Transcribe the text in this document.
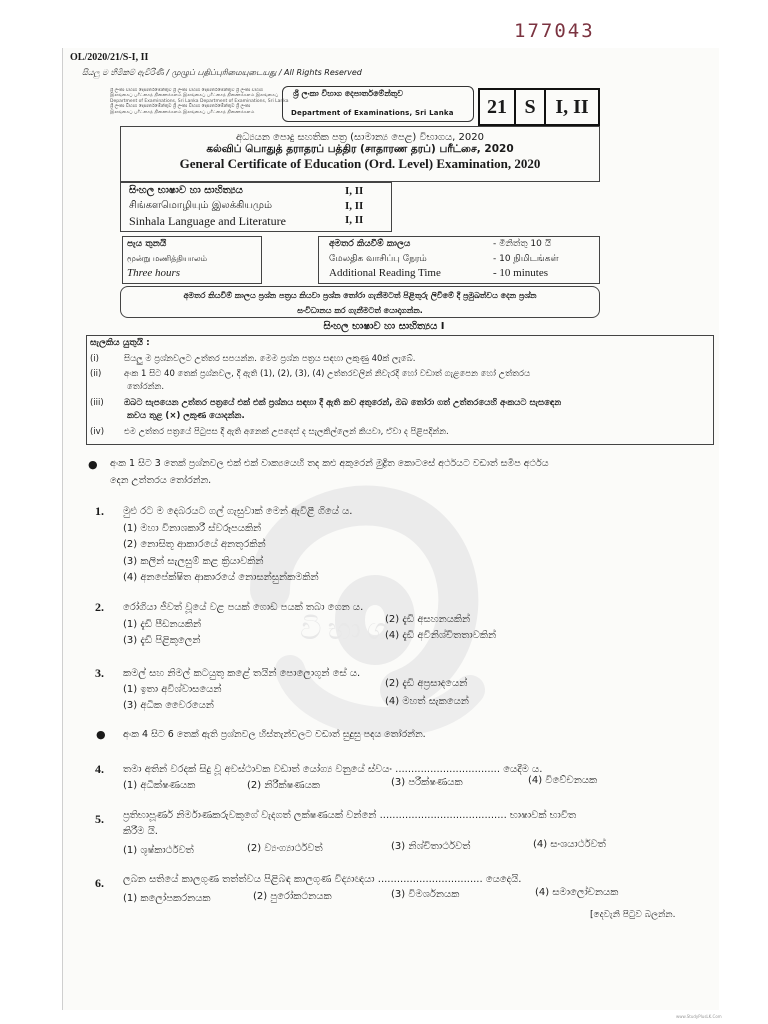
177043
OL/2020/21/S-I, II
සියලු ම හිමිකම් ඇවිරිණි / முழுப் பதிப்புரிமையுடையது / All Rights Reserved
ශ්‍රී ලංකා විභාග දෙපාර්තමේන්තුව ශ්‍රී ලංකා විභාග දෙපාර්තමේන්තුව ශ්‍රී ලංකා විභාග
இலங்கைப் பரீட்சைத் திணைக்களம் இலங்கைப் பரீட்சைத் திணைக்களம் இலங்கைப்
Department of Examinations, Sri Lanka Department of Examinations, Sri Lanka
ශ්‍රී ලංකා විභාග දෙපාර්තමේන්තුව ශ්‍රී ලංකා විභාග දෙපාර්තමේන්තුව ශ්‍රී ලංකා
இலங்கைப் பரீட்சைத் திணைக்களம் இலங்கைப் பரீட்சைத் திணைக்களம்
ශ්‍රී ලංකා විභාග දෙපාර්තමේන්තුව
Department of Examinations, Sri Lanka	21 S I, II
අධ්‍යයන පොදු සහතික පත්‍ර (සාමාන්‍ය පෙළ) විභාගය, 2020
கல்விப் பொதுத் தராதரப் பத்திர (சாதாரண தரப்) பரீட்சை, 2020
General Certificate of Education (Ord. Level) Examination, 2020
සිංහල භාෂාව හා සාහිත්‍යය	I, II
சிங்களமொழியும் இலக்கியமும்	I, II
Sinhala Language and Literature	I, II
පැය තුනයි
மூன்று மணித்தியாலம்
Three hours
අමතර කියවීම් කාලය	- මිනිත්තු 10 යි
மேலதிக வாசிப்பு நேரம்	- 10 நிமிடங்கள்
Additional Reading Time	- 10 minutes
අමතර කියවීම් කාලය ප්‍රශ්න පත්‍රය කියවා ප්‍රශ්න තෝරා ගැනීමටත් පිළිතුරු ලිවීමේ දී ප්‍රමුඛත්වය දෙන ප්‍රශ්න
සංවිධානය කර ගැනීමටත් යොදාගන්න.
සිංහල භාෂාව හා සාහිත්‍යය I
සැලකිය යුතුයි :
(i)	සියලු ම ප්‍රශ්නවලට උත්තර සපයන්න. මෙම ප්‍රශ්න පත්‍රය සඳහා ලකුණු 40ක් ලැබේ.
(ii)	අංක 1 සිට 40 තෙක් ප්‍රශ්නවල, දී ඇති (1), (2), (3), (4) උත්තරවලින් නිවැරදි හෝ වඩාත් ගැළපෙන හෝ උත්තරය
තෝරන්න.
(iii) ඔබට සැපයෙන උත්තර පත්‍රයේ එක් එක් ප්‍රශ්නය සඳහා දී ඇති කව අතුරෙන්, ඔබ තෝරා ගත් උත්තරයෙහි අංකයට සැසඳෙන
කවය තුළ (×) ලකුණ යොදන්න.
(iv) එම උත්තර පත්‍රයේ පිටුපස දී ඇති අනෙක් උපදෙස් ද සැලකිල්ලෙන් කියවා, ඒවා ද පිළිපදින්න.
විභාග
● අංක 1 සිට 3 තෙක් ප්‍රශ්නවල එක් එක් වාක්‍යයෙහි තද කළු අකුරෙන් මුද්‍රිත කොටසේ අර්ථයට වඩාත් සමීප අර්ථය
දෙන උත්තරය තෝරන්න.
1. මුළු රට ම දෙබරයට ගල් ගැසුවාක් මෙන් ඇවිළී ගියේ ය.
(1) මහා විනාශකාරී ස්වරූපයකින්
(2) නොසිතූ ආකාරයේ අනතුරකින්
(3) කලින් සැලසුම් කළ ක්‍රියාවකින්
(4) අනපේක්ෂිත ආකාරයේ නොසන්සුන්කමකින්
2. රෝගියා ජීවත් වූයේ වළ පයක් ගොඩ පයක් තබා ගෙන ය.
(1) දැඩි පීඩනයකින්	(2) දැඩි අසහනයකින්
(3) දැඩි පිළිකුලෙන්	(4) දැඩි අවිනිශ්චිතතාවකින්
3. කමල් සහ නිමල් කටයුතු කළේ තයින් පොලොගුන් සේ ය.
(1) ඉතා අවිශ්වාසයෙන්
(2) දැඩි අප්‍රසාදයෙන්
(3) අධික වෛරයෙන්	(4) මහත් සැකයෙන්
● අංක 4 සිට 6 තෙක් ඇති ප්‍රශ්නවල හිස්තැන්වලට වඩාත් සුදුසු පදය තෝරන්න.
4. තමා අතින් වරදක් සිදු වූ අවස්ථාවක වඩාත් යෝග්‍ය වනුයේ ස්වයං ................................. යෙදීම ය.
(1) අධීක්ෂණයක	(2) නිරීක්ෂණයක	(3) පරීක්ෂණයක	(4) විවේචනයක
5. ප්‍රතිභාපූර්ණ නිර්මාණකරුවකුගේ වැදගත් ලක්ෂණයක් වන්නේ ........................................ භාෂාවක් භාවිත
කිරීම යි.
(1) ශුෂ්කාර්ථවත්	(2) ව්‍යංග්‍යාර්ථවත්	(3) නිශ්චිතාර්ථවත්	(4) සංශයාර්ථවත්
6. ලබන සතියේ කාලගුණ තත්ත්වය පිළිබඳ කාලගුණ විද්‍යාඥයා ................................. යෙදෙයි.
(1) කලෝපකරනයක	(2) පුරෝකථනයක	(3) විමර්ශනයක	(4) සමාලෝචනයක
[දෙවැනි පිටුව බලන්න.
www.StudyPlusLK.Com
